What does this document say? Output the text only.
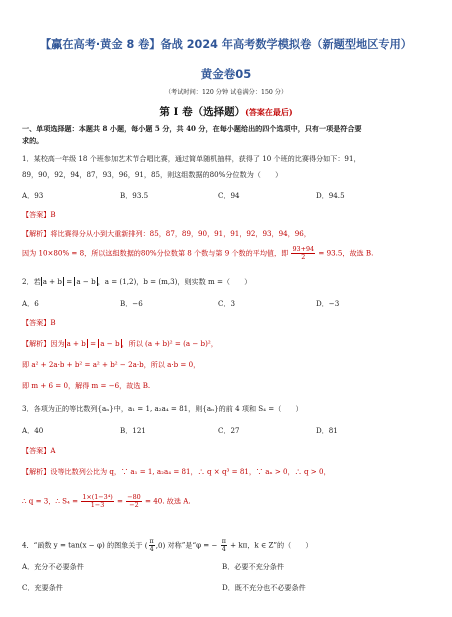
【赢在高考·黄金 8 卷】备战 2024 年高考数学模拟卷（新题型地区专用）
黄金卷05
（考试时间：120 分钟 试卷满分：150 分）
第 I 卷（选择题）(答案在最后)
一、单项选择题：本题共 8 小题，每小题 5 分，共 40 分，在每小题给出的四个选项中，只有一项是符合要
求的。
1．某校高一年级 18 个班参加艺术节合唱比赛，通过简单随机抽样，获得了 10 个班的比赛得分如下：91，
89，90，92，94，87，93，96，91，85，则这组数据的80%分位数为（　　）
A．93	B．93.5	C．94	D．94.5
【答案】B
【解析】将比赛得分从小到大重新排列：85，87，89，90，91，91，92，93，94，96，
因为 10×80% = 8，所以这组数据的80%分位数第 8 个数与第 9 个数的平均值，即 $\frac{93+94}{2} = 93.5$，故选 B.
2．若 a + b = a − b ，a = (1,2)，b = (m,3)，则实数 m =（　　）
A．6	B．−6	C．3	D．−3
【答案】B
【解析】因为 a + b = a − b ，所以 (a + b)² = (a − b)²，
即 a² + 2a·b + b² = a² + b² − 2a·b，所以 a·b = 0，
即 m + 6 = 0，解得 m = −6，故选 B.
3．各项为正的等比数列{aₙ}中，a₁ = 1, a₂a₄ = 81，则{aₙ}的前 4 项和 S₄ =（　　）
A．40	B．121	C．27	D．81
【答案】A
【解析】设等比数列公比为 q，∵ a₁ = 1, a₂a₄ = 81，∴ q × q³ = 81，∵ aₙ > 0，∴ q > 0，
∴ q = 3，∴ $S_4 = \frac{\text{1×(1−3⁴)}}{1-3} = \frac{-80}{-2} = 40$. 故选 A.
4．“函数 y = tan(x − φ) 的图象关于 ( $\frac{\pi}{4} ,0$) 对称”是“φ = − $\frac{\pi}{4} + k\pi$，k ∈ Z”的（　　）
A．充分不必要条件	B．必要不充分条件
C．充要条件	D．既不充分也不必要条件
